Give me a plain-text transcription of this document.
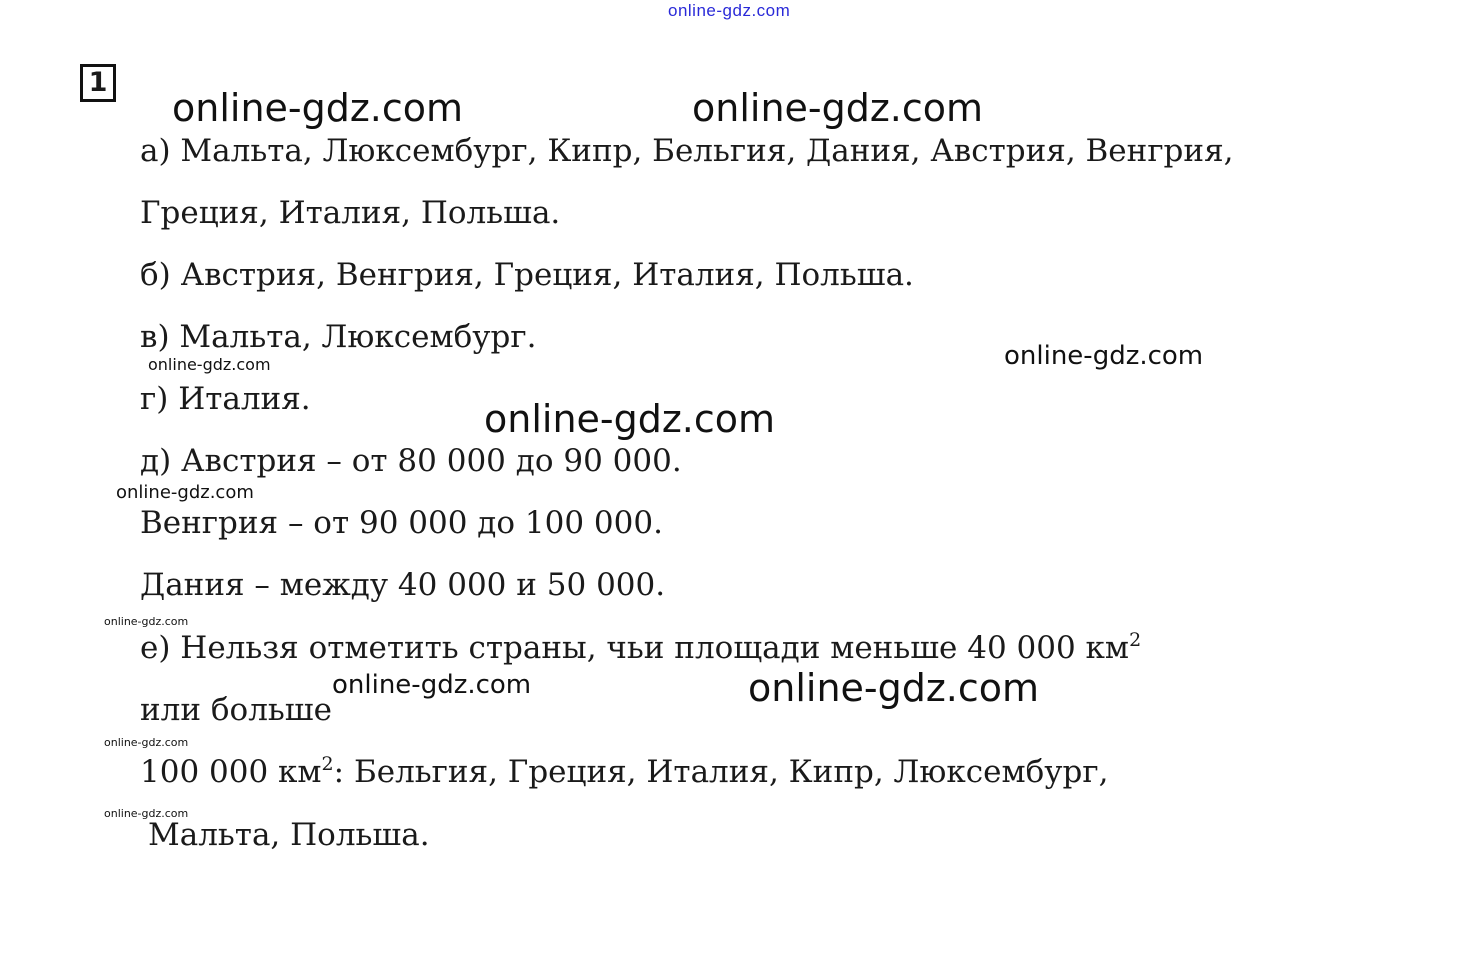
online-gdz.com
1
online-gdz.com	online-gdz.com
а) Мальта, Люксембург, Кипр, Бельгия, Дания, Австрия, Венгрия,
Греция, Италия, Польша.
б) Австрия, Венгрия, Греция, Италия, Польша.
в) Мальта, Люксембург.
online-gdz.com	online-gdz.com
г) Италия.	online-gdz.com
д) Австрия – от 80 000 до 90 000.
online-gdz.com
Венгрия – от 90 000 до 100 000.
Дания – между 40 000 и 50 000.
online-gdz.com
е) Нельзя отметить страны, чьи площади меньше 40 000 $км^2$
online-gdz.com	online-gdz.com
или больше
online-gdz.com
100 000 $км^2$: Бельгия, Греция, Италия, Кипр, Люксембург,
online-gdz.com
Мальта, Польша.
